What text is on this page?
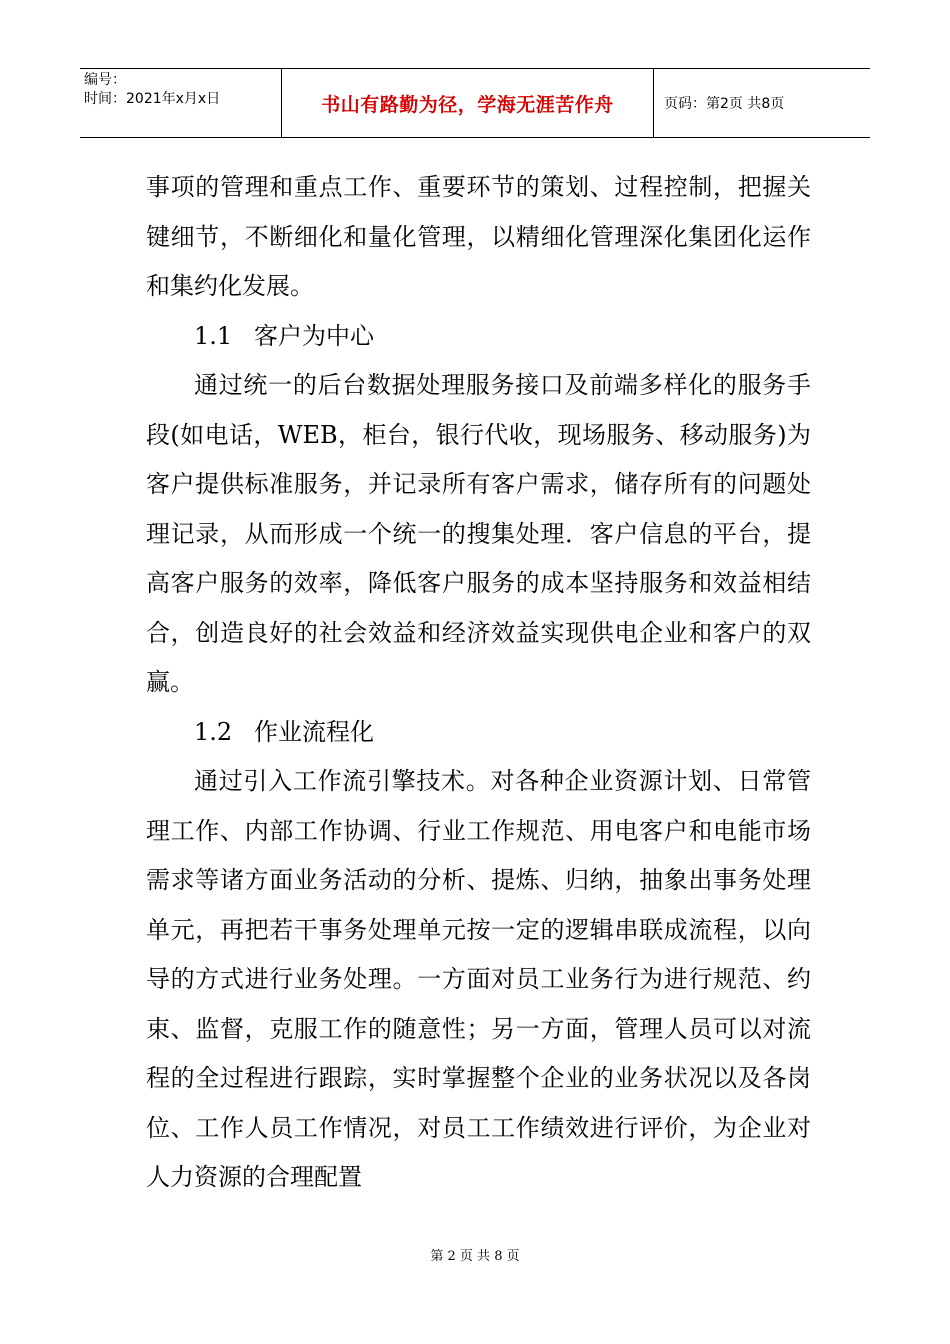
编号：
时间：2021年x月x日	书山有路勤为径，学海无涯苦作舟	页码：第2页 共8页

事项的管理和重点工作、重要环节的策划、过程控制，把握关键细节，不断细化和量化管理，以精细化管理深化集团化运作和集约化发展。

1.1 客户为中心

通过统一的后台数据处理服务接口及前端多样化的服务手段(如电话，WEB，柜台，银行代收，现场服务、移动服务)为客户提供标准服务，并记录所有客户需求，储存所有的问题处理记录，从而形成一个统一的搜集处理．客户信息的平台，提高客户服务的效率，降低客户服务的成本坚持服务和效益相结合，创造良好的社会效益和经济效益实现供电企业和客户的双赢。

1.2 作业流程化

通过引入工作流引擎技术。对各种企业资源计划、日常管理工作、内部工作协调、行业工作规范、用电客户和电能市场需求等诸方面业务活动的分析、提炼、归纳，抽象出事务处理单元，再把若干事务处理单元按一定的逻辑串联成流程，以向导的方式进行业务处理。一方面对员工业务行为进行规范、约束、监督，克服工作的随意性；另一方面，管理人员可以对流程的全过程进行跟踪，实时掌握整个企业的业务状况以及各岗位、工作人员工作情况，对员工工作绩效进行评价，为企业对人力资源的合理配置

第 2 页 共 8 页
